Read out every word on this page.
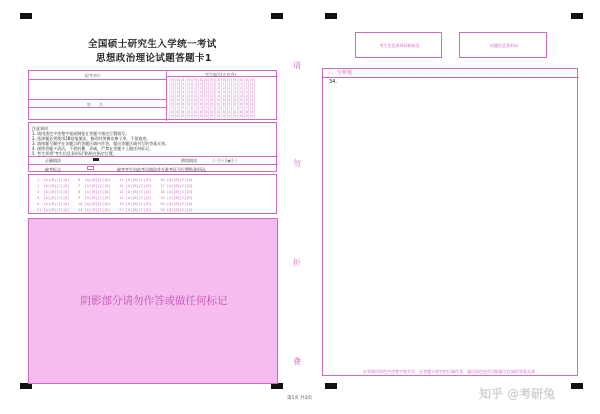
全国硕士研究生入学统一考试
思想政治理论试题答题卡1
报考单位
姓　　名
考生编号(左对齐)
[0][0][0][0][0][0][0][0][0][0][0][0][0][0][0]
[1][1][1][1][1][1][1][1][1][1][1][1][1][1][1]
[2][2][2][2][2][2][2][2][2][2][2][2][2][2][2]
[3][3][3][3][3][3][3][3][3][3][3][3][3][3][3]
[4][4][4][4][4][4][4][4][4][4][4][4][4][4][4]
[5][5][5][5][5][5][5][5][5][5][5][5][5][5][5]
[6][6][6][6][6][6][6][6][6][6][6][6][6][6][6]
[7][7][7][7][7][7][7][7][7][7][7][7][7][7][7]
[8][8][8][8][8][8][8][8][8][8][8][8][8][8][8]
[9][9][9][9][9][9][9][9][9][9][9][9][9][9][9]
注意事项
1. 请用黑色字迹签字笔或钢笔在答题卡指定位置填写。
2. 选择题必须使用2B铅笔填涂，修改时用橡皮擦干净，不留痕迹。
3. 请按题号顺序在各题目的答题区域内作答，超出答题区域书写的答案无效。
4. 保持答题卡清洁，不要折叠、弄破，严禁在答题卡上做任何标记。
5. 考生须将"考生信息条形码"粘贴在指定位置。
正确填涂	错误填涂	[✓][×][●][-]
缺考标志	缺考考生由监考员填涂并在准考证号位置贴条形码。
1  [A][B][C][D]    6  [A][B][C][D]    11 [A][B][C][D]    16 [A][B][C][D]
2  [A][B][C][D]    7  [A][B][C][D]    12 [A][B][C][D]    17 [A][B][C][D]
3  [A][B][C][D]    8  [A][B][C][D]    13 [A][B][C][D]    18 [A][B][C][D]
4  [A][B][C][D]    9  [A][B][C][D]    14 [A][B][C][D]    19 [A][B][C][D]
5  [A][B][C][D]    10 [A][B][C][D]    15 [A][B][C][D]    20 [A][B][C][D]
21 [A][B][C][D]    24 [A][B][C][D]    27 [A][B][C][D]    30 [A][B][C][D]
阴影部分请勿作答或做任何标记
请
勿
折
叠
考生信息条形码粘贴处	试题信息条形码
三、分析题
34.
必须使用黑色字迹签字笔书写，在答题卡规定的区域作答，超出黑色矩形边框限定区域的答案无效
第1页 共3页	知乎 @考研兔
